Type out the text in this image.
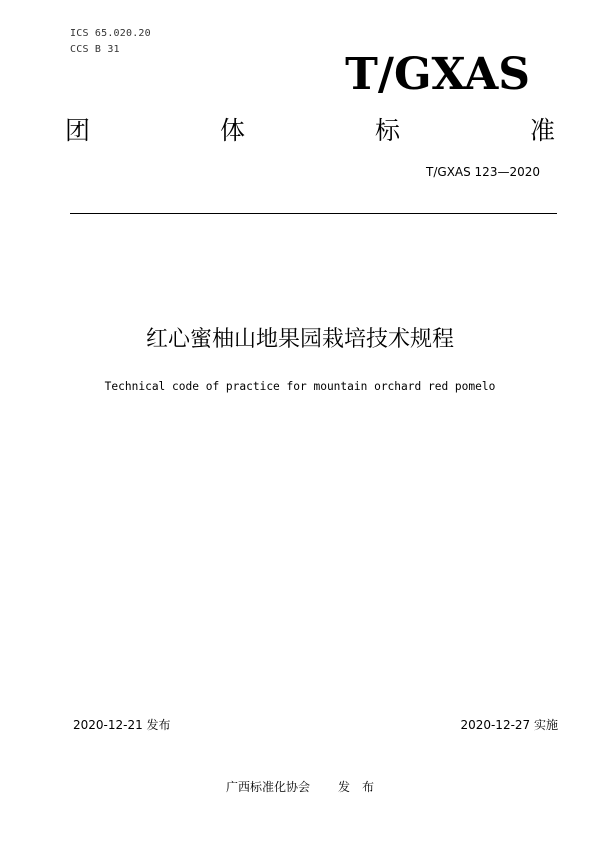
ICS 65.020.20
CCS B 31	T/GXAS
团	体	标	准
T/GXAS 123—2020
红心蜜柚山地果园栽培技术规程
Technical code of practice for mountain orchard red pomelo
2020-12-21 发布	2020-12-27 实施
广西标准化协会 发 布
